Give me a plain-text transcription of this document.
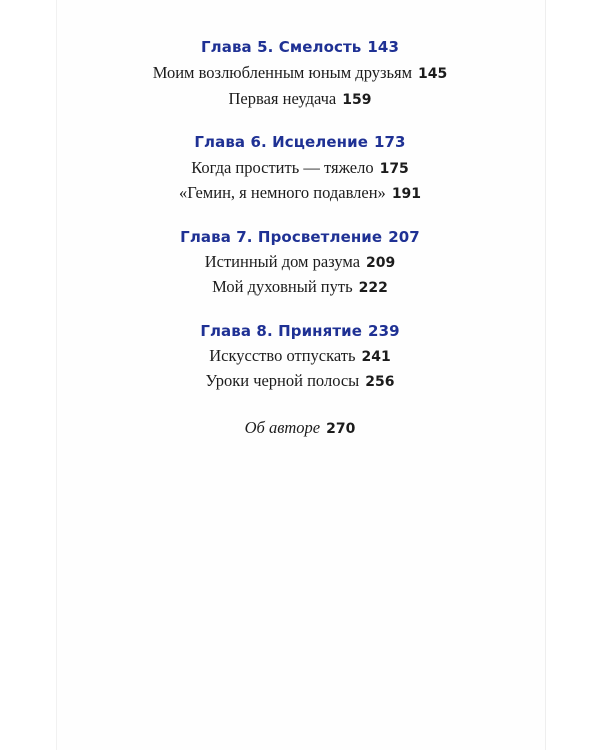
Глава 5. Смелость 143
Моим возлюбленным юным друзьям 145
Первая неудача 159
Глава 6. Исцеление 173
Когда простить — тяжело 175
«Гемин, я немного подавлен» 191
Глава 7. Просветление 207
Истинный дом разума 209
Мой духовный путь 222
Глава 8. Принятие 239
Искусство отпускать 241
Уроки черной полосы 256
Об авторе 270
